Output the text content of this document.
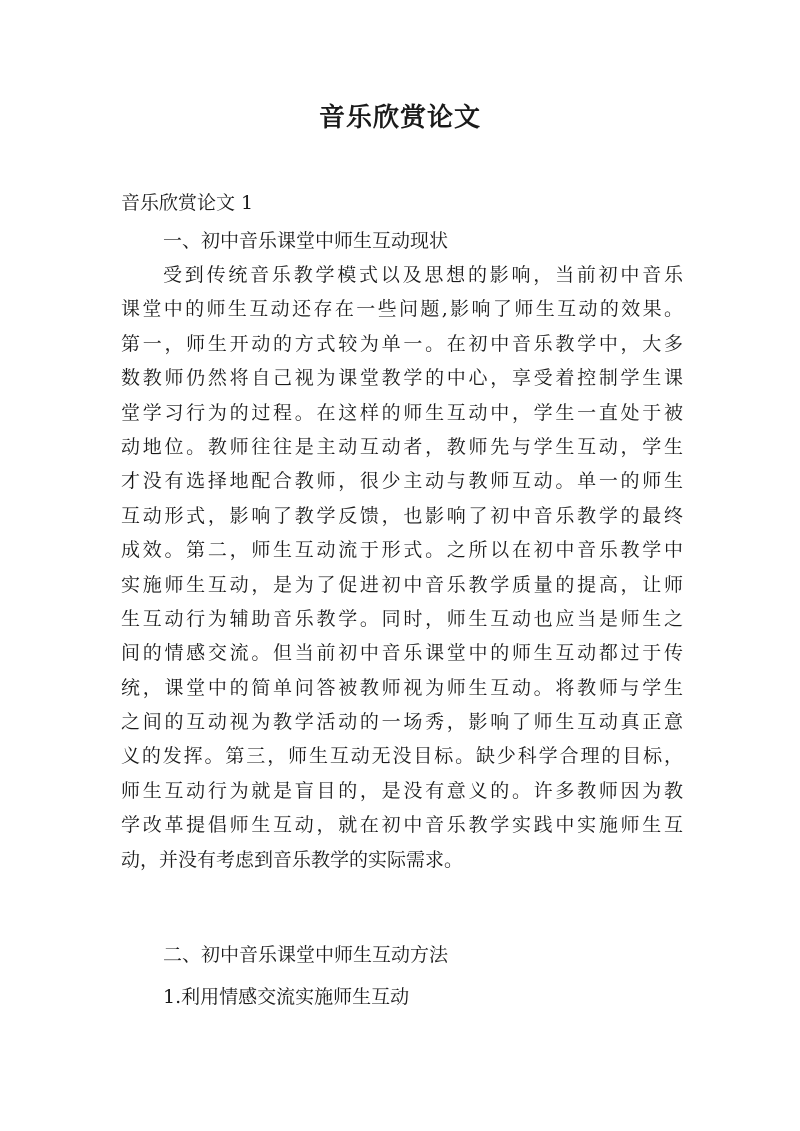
音乐欣赏论文
音乐欣赏论文 1
一、初中音乐课堂中师生互动现状
受到传统音乐教学模式以及思想的影响，当前初中音乐
课堂中的师生互动还存在一些问题,影响了师生互动的效果。
第一，师生开动的方式较为单一。在初中音乐教学中，大多
数教师仍然将自己视为课堂教学的中心，享受着控制学生课
堂学习行为的过程。在这样的师生互动中，学生一直处于被
动地位。教师往往是主动互动者，教师先与学生互动，学生
才没有选择地配合教师，很少主动与教师互动。单一的师生
互动形式，影响了教学反馈，也影响了初中音乐教学的最终
成效。第二，师生互动流于形式。之所以在初中音乐教学中
实施师生互动，是为了促进初中音乐教学质量的提高，让师
生互动行为辅助音乐教学。同时，师生互动也应当是师生之
间的情感交流。但当前初中音乐课堂中的师生互动都过于传
统，课堂中的简单问答被教师视为师生互动。将教师与学生
之间的互动视为教学活动的一场秀，影响了师生互动真正意
义的发挥。第三，师生互动无没目标。缺少科学合理的目标，
师生互动行为就是盲目的，是没有意义的。许多教师因为教
学改革提倡师生互动，就在初中音乐教学实践中实施师生互
动，并没有考虑到音乐教学的实际需求。
二、初中音乐课堂中师生互动方法
1.利用情感交流实施师生互动
